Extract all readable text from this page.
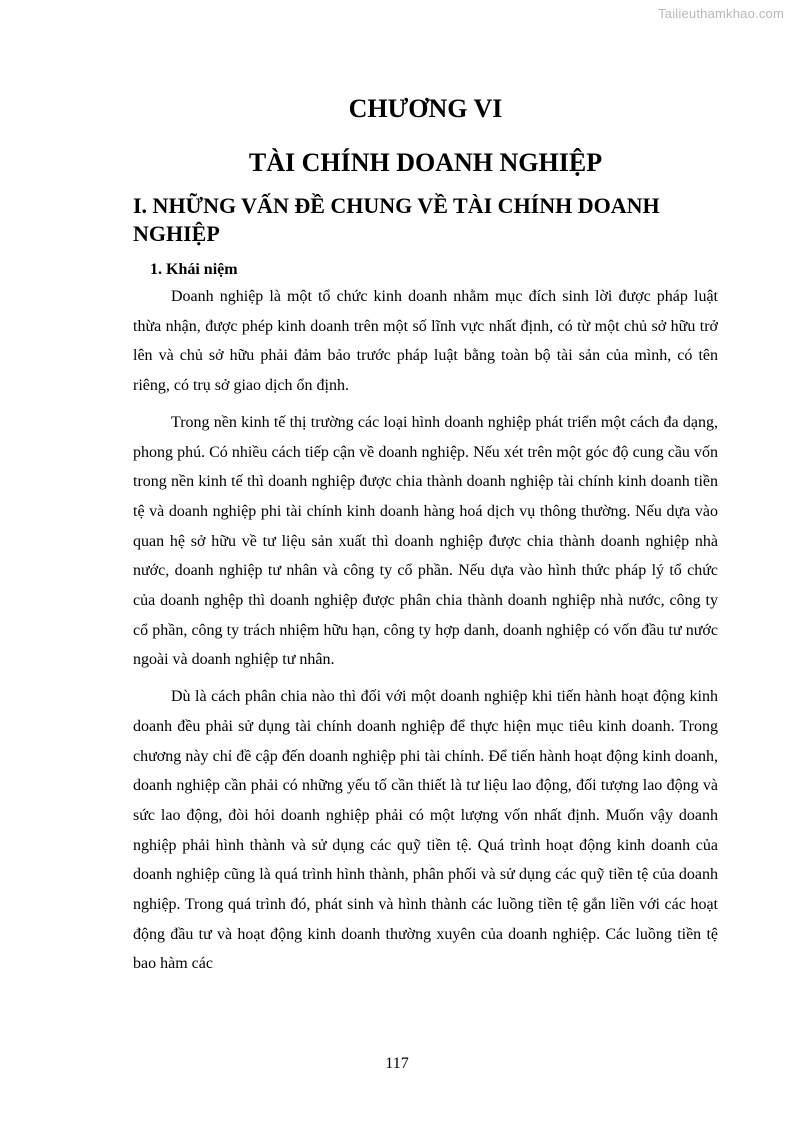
Tailieuthamkhao.com
CHƯƠNG VI
TÀI CHÍNH DOANH NGHIỆP
I. NHỮNG VẤN ĐỀ CHUNG VỀ TÀI CHÍNH DOANH NGHIỆP
1. Khái niệm

Doanh nghiệp là một tổ chức kinh doanh nhằm mục đích sinh lời được pháp luật thừa nhận, được phép kinh doanh trên một số lĩnh vực nhất định, có từ một chủ sở hữu trở lên và chủ sở hữu phải đảm bảo trước pháp luật bằng toàn bộ tài sản của mình, có tên riêng, có trụ sở giao dịch ổn định.

Trong nền kinh tế thị trường các loại hình doanh nghiệp phát triển một cách đa dạng, phong phú. Có nhiều cách tiếp cận về doanh nghiệp. Nếu xét trên một góc độ cung cầu vốn trong nền kinh tế thì doanh nghiệp được chia thành doanh nghiệp tài chính kinh doanh tiền tệ và doanh nghiệp phi tài chính kinh doanh hàng hoá dịch vụ thông thường. Nếu dựa vào quan hệ sở hữu về tư liệu sản xuất thì doanh nghiệp được chia thành doanh nghiệp nhà nước, doanh nghiệp tư nhân và công ty cổ phần. Nếu dựa vào hình thức pháp lý tổ chức của doanh nghệp thì doanh nghiệp được phân chia thành doanh nghiệp nhà nước, công ty cổ phần, công ty trách nhiệm hữu hạn, công ty hợp danh, doanh nghiệp có vốn đầu tư nước ngoài và doanh nghiệp tư nhân.

Dù là cách phân chia nào thì đối với một doanh nghiệp khi tiến hành hoạt động kinh doanh đều phải sử dụng tài chính doanh nghiệp để thực hiện mục tiêu kinh doanh. Trong chương này chỉ đề cập đến doanh nghiệp phi tài chính. Để tiến hành hoạt động kinh doanh, doanh nghiệp cần phải có những yếu tố cần thiết là tư liệu lao động, đối tượng lao động và sức lao động, đòi hỏi doanh nghiệp phải có một lượng vốn nhất định. Muốn vậy doanh nghiệp phải hình thành và sử dụng các quỹ tiền tệ. Quá trình hoạt động kinh doanh của doanh nghiệp cũng là quá trình hình thành, phân phối và sử dụng các quỹ tiền tệ của doanh nghiệp. Trong quá trình đó, phát sinh và hình thành các luồng tiền tệ gắn liền với các hoạt động đầu tư và hoạt động kinh doanh thường xuyên của doanh nghiệp. Các luồng tiền tệ bao hàm các

117
